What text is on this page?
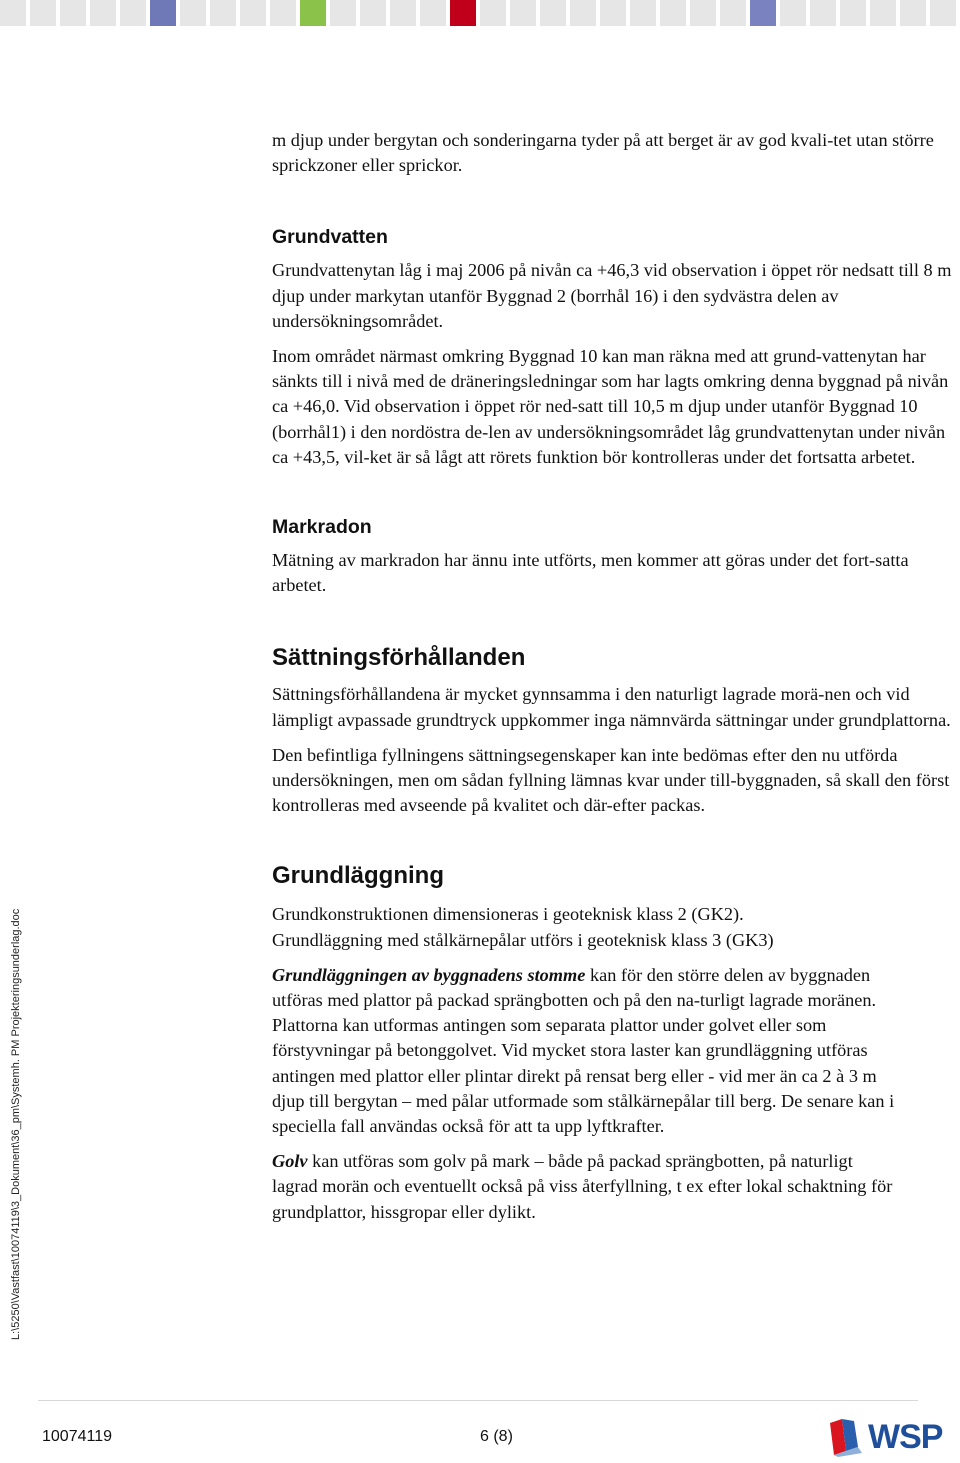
L:\5250\Vastfast\10074119\3_Dokument\36_pm\Systemh. PM Projekteringsunderlag.doc

m djup under bergytan och sonderingarna tyder på att berget är av god kvali-tet utan större sprickzoner eller sprickor.

Grundvatten

Grundvattenytan låg i maj 2006 på nivån ca +46,3 vid observation i öppet rör nedsatt till 8 m djup under markytan utanför Byggnad 2 (borrhål 16) i den sydvästra delen av undersökningsområdet.

Inom området närmast omkring Byggnad 10 kan man räkna med att grund-vattenytan har sänkts till i nivå med de dräneringsledningar som har lagts omkring denna byggnad på nivån ca +46,0. Vid observation i öppet rör ned-satt till 10,5 m djup under utanför Byggnad 10 (borrhål1) i den nordöstra de-len av undersökningsområdet låg grundvattenytan under nivån ca +43,5, vil-ket är så lågt att rörets funktion bör kontrolleras under det fortsatta arbetet.

Markradon

Mätning av markradon har ännu inte utförts, men kommer att göras under det fort-satta arbetet.

Sättningsförhållanden

Sättningsförhållandena är mycket gynnsamma i den naturligt lagrade morä-nen och vid lämpligt avpassade grundtryck uppkommer inga nämnvärda sättningar under grundplattorna.

Den befintliga fyllningens sättningsegenskaper kan inte bedömas efter den nu utförda undersökningen, men om sådan fyllning lämnas kvar under till-byggnaden, så skall den först kontrolleras med avseende på kvalitet och där-efter packas.

Grundläggning

Grundkonstruktionen dimensioneras i geoteknisk klass 2 (GK2).

Grundläggning med stålkärnepålar utförs i geoteknisk klass 3 (GK3)

Grundläggningen av byggnadens stomme kan för den större delen av byggnaden utföras med plattor på packad sprängbotten och på den na-turligt lagrade moränen. Plattorna kan utformas antingen som separata plattor under golvet eller som förstyvningar på betonggolvet. Vid mycket stora laster kan grundläggning utföras antingen med plattor eller plintar direkt på rensat berg eller - vid mer än ca 2 à 3 m djup till bergytan – med pålar utformade som stålkärnepålar till berg. De senare kan i speciella fall användas också för att ta upp lyftkrafter.

Golv kan utföras som golv på mark – både på packad sprängbotten, på naturligt lagrad morän och eventuellt också på viss återfyllning, t ex efter lokal schaktning för grundplattor, hissgropar eller dylikt.

10074119	6 (8)	WSP
